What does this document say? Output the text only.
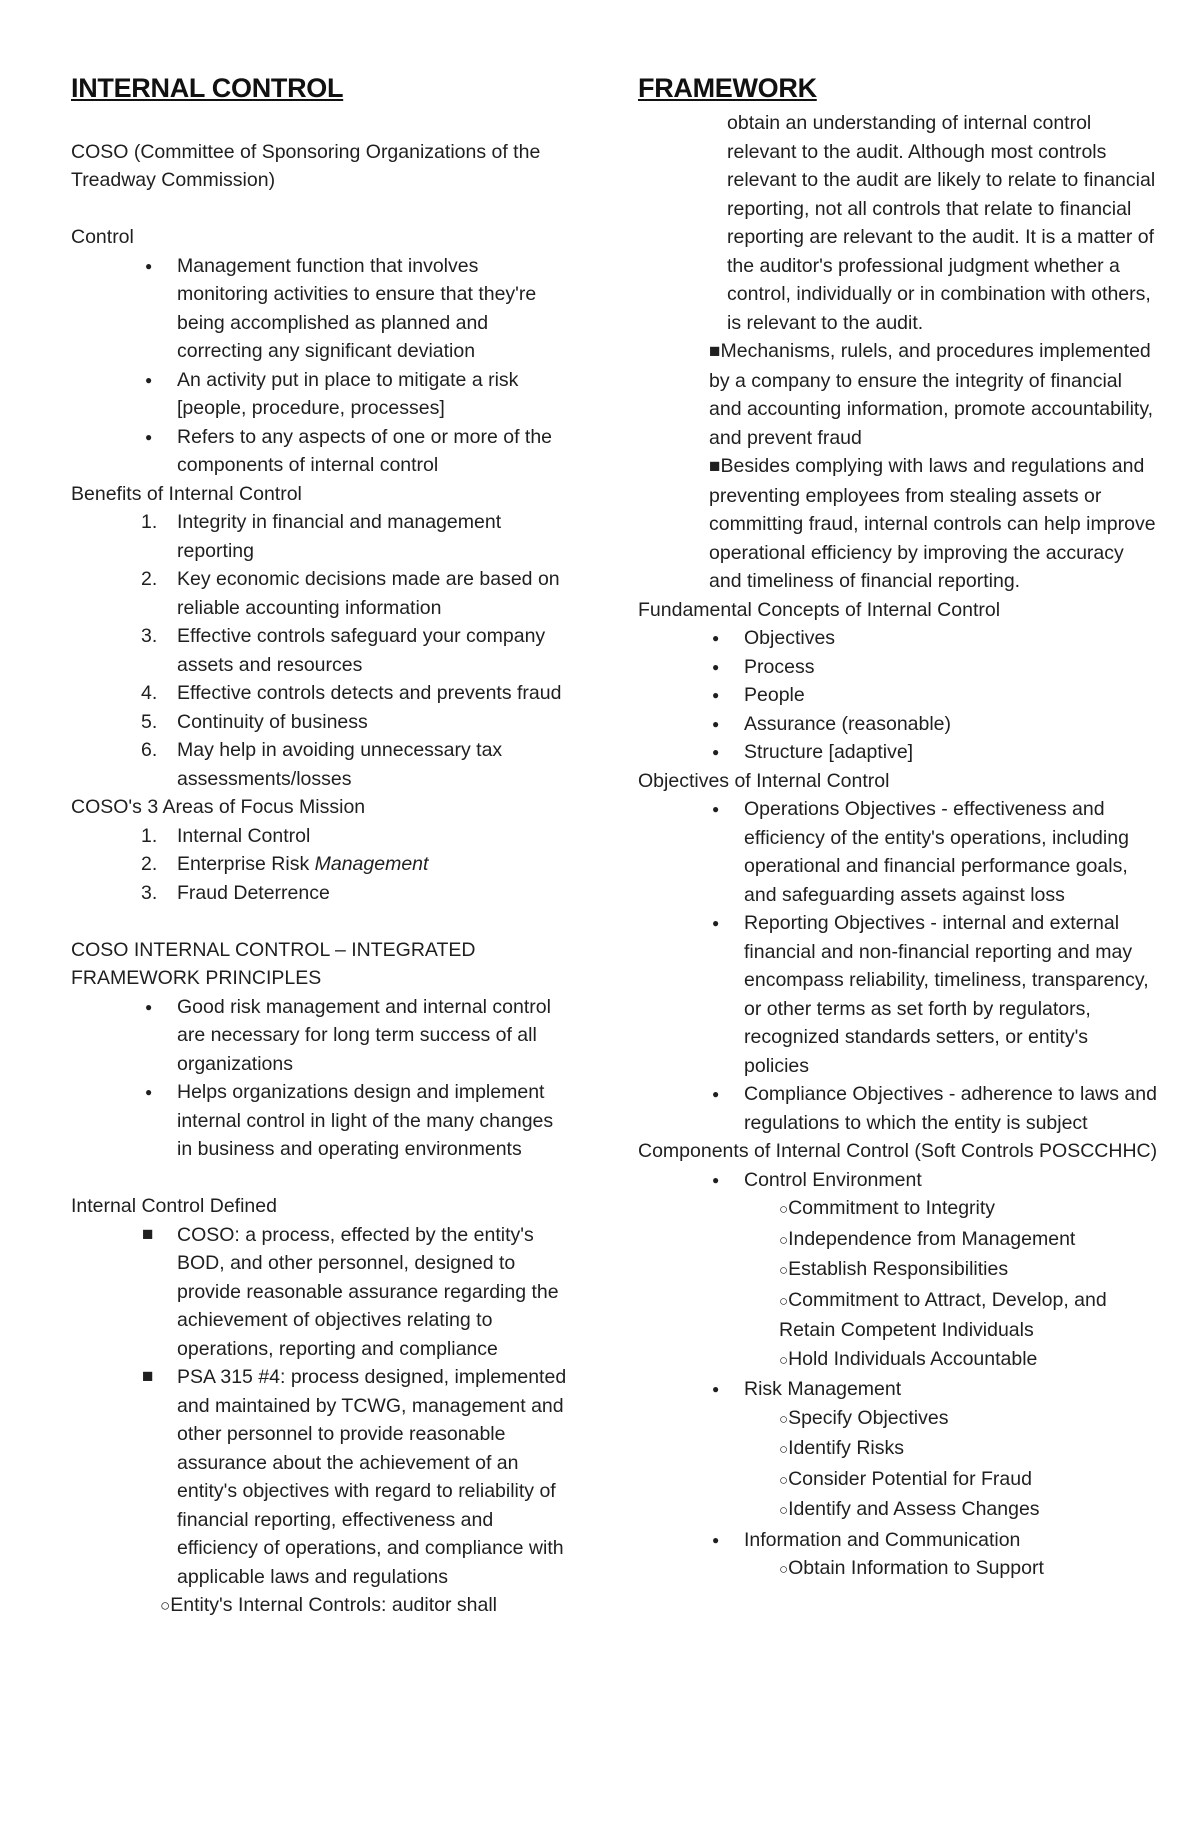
INTERNAL CONTROL

COSO (Committee of Sponsoring Organizations of the Treadway Commission)

Control

● Management function that involves monitoring activities to ensure that they're being accomplished as planned and correcting any significant deviation
● An activity put in place to mitigate a risk [people, procedure, processes]
● Refers to any aspects of one or more of the components of internal control

Benefits of Internal Control

Integrity in financial and management reporting
Key economic decisions made are based on reliable accounting information
Effective controls safeguard your company assets and resources
Effective controls detects and prevents fraud
Continuity of business
May help in avoiding unnecessary tax assessments/losses

COSO's 3 Areas of Focus Mission

Internal Control
Enterprise Risk Management
Fraud Deterrence

COSO INTERNAL CONTROL – INTEGRATED FRAMEWORK PRINCIPLES

● Good risk management and internal control are necessary for long term success of all organizations
● Helps organizations design and implement internal control in light of the many changes in business and operating environments

Internal Control Defined

■ COSO: a process, effected by the entity's BOD, and other personnel, designed to provide reasonable assurance regarding the achievement of objectives relating to operations, reporting and compliance
■ PSA 315 #4: process designed, implemented and maintained by TCWG, management and other personnel to provide reasonable assurance about the achievement of an entity's objectives with regard to reliability of financial reporting, effectiveness and efficiency of operations, and compliance with applicable laws and regulations
○ Entity's Internal Controls: auditor shall
FRAMEWORK

obtain an understanding of internal control relevant to the audit. Although most controls relevant to the audit are likely to relate to financial reporting, not all controls that relate to financial reporting are relevant to the audit. It is a matter of the auditor's professional judgment whether a control, individually or in combination with others, is relevant to the audit.

■ Mechanisms, rulels, and procedures implemented by a company to ensure the integrity of financial and accounting information, promote accountability, and prevent fraud
■ Besides complying with laws and regulations and preventing employees from stealing assets or committing fraud, internal controls can help improve operational efficiency by improving the accuracy and timeliness of financial reporting.

Fundamental Concepts of Internal Control

● Objectives
● Process
● People
● Assurance (reasonable)
● Structure [adaptive]

Objectives of Internal Control

● Operations Objectives - effectiveness and efficiency of the entity's operations, including operational and financial performance goals, and safeguarding assets against loss
● Reporting Objectives - internal and external financial and non-financial reporting and may encompass reliability, timeliness, transparency, or other terms as set forth by regulators, recognized standards setters, or entity's policies
● Compliance Objectives - adherence to laws and regulations to which the entity is subject

Components of Internal Control (Soft Controls POSCCHHC)

● Control Environment
○ Commitment to Integrity
○ Independence from Management
○ Establish Responsibilities
○ Commitment to Attract, Develop, and Retain Competent Individuals
○ Hold Individuals Accountable
● Risk Management
○ Specify Objectives
○ Identify Risks
○ Consider Potential for Fraud
○ Identify and Assess Changes
● Information and Communication
○ Obtain Information to Support
